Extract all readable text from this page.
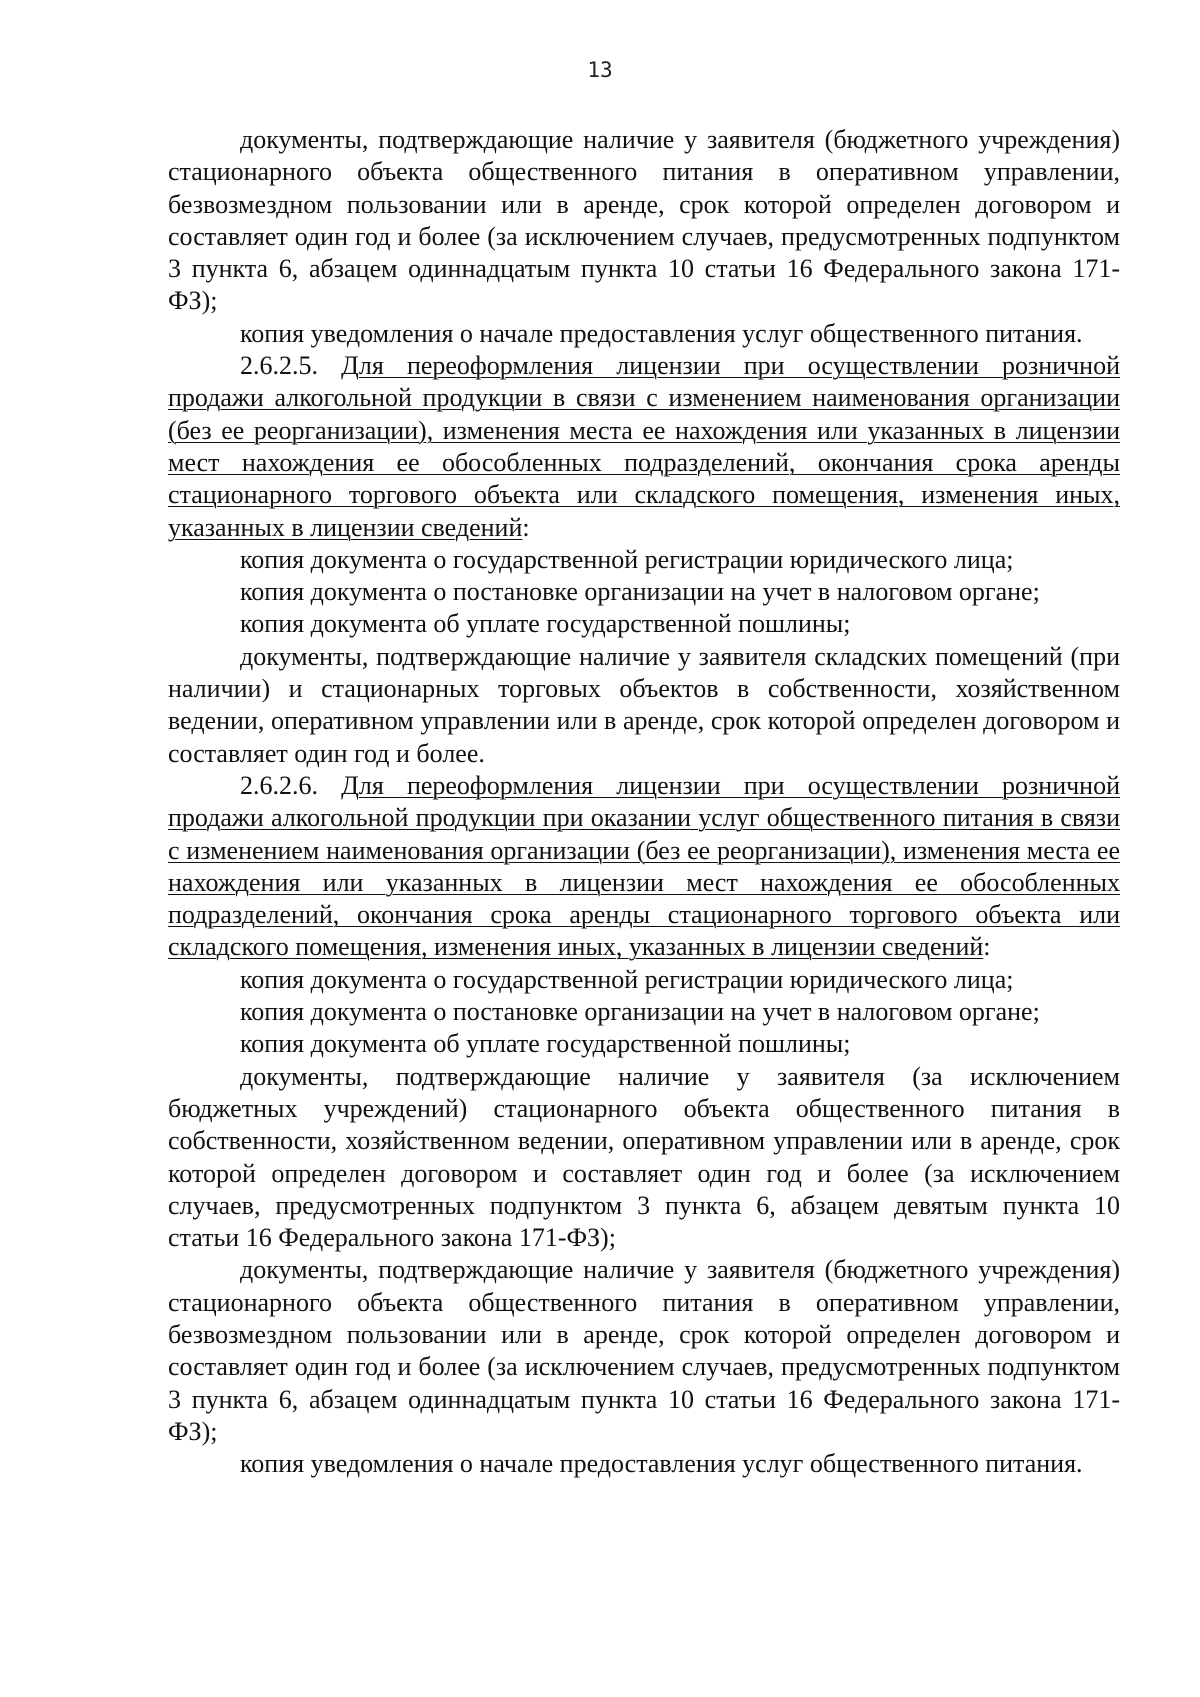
13

документы, подтверждающие наличие у заявителя (бюджетного учреждения) стационарного объекта общественного питания в оперативном управлении, безвозмездном пользовании или в аренде, срок которой определен договором и составляет один год и более (за исключением случаев, предусмотренных подпунктом 3 пункта 6, абзацем одиннадцатым пункта 10 статьи 16 Федерального закона 171-ФЗ);

копия уведомления о начале предоставления услуг общественного питания.

2.6.2.5. Для переоформления лицензии при осуществлении розничной продажи алкогольной продукции в связи с изменением наименования организации (без ее реорганизации), изменения места ее нахождения или указанных в лицензии мест нахождения ее обособленных подразделений, окончания срока аренды стационарного торгового объекта или складского помещения, изменения иных, указанных в лицензии сведений:

копия документа о государственной регистрации юридического лица;

копия документа о постановке организации на учет в налоговом органе;

копия документа об уплате государственной пошлины;

документы, подтверждающие наличие у заявителя складских помещений (при наличии) и стационарных торговых объектов в собственности, хозяйственном ведении, оперативном управлении или в аренде, срок которой определен договором и составляет один год и более.

2.6.2.6. Для переоформления лицензии при осуществлении розничной продажи алкогольной продукции при оказании услуг общественного питания в связи с изменением наименования организации (без ее реорганизации), изменения места ее нахождения или указанных в лицензии мест нахождения ее обособленных подразделений, окончания срока аренды стационарного торгового объекта или складского помещения, изменения иных, указанных в лицензии сведений:

копия документа о государственной регистрации юридического лица;

копия документа о постановке организации на учет в налоговом органе;

копия документа об уплате государственной пошлины;

документы, подтверждающие наличие у заявителя (за исключением бюджетных учреждений) стационарного объекта общественного питания в собственности, хозяйственном ведении, оперативном управлении или в аренде, срок которой определен договором и составляет один год и более (за исключением случаев, предусмотренных подпунктом 3 пункта 6, абзацем девятым пункта 10 статьи 16 Федерального закона 171-ФЗ);

документы, подтверждающие наличие у заявителя (бюджетного учреждения) стационарного объекта общественного питания в оперативном управлении, безвозмездном пользовании или в аренде, срок которой определен договором и составляет один год и более (за исключением случаев, предусмотренных подпунктом 3 пункта 6, абзацем одиннадцатым пункта 10 статьи 16 Федерального закона 171-ФЗ);

копия уведомления о начале предоставления услуг общественного питания.
